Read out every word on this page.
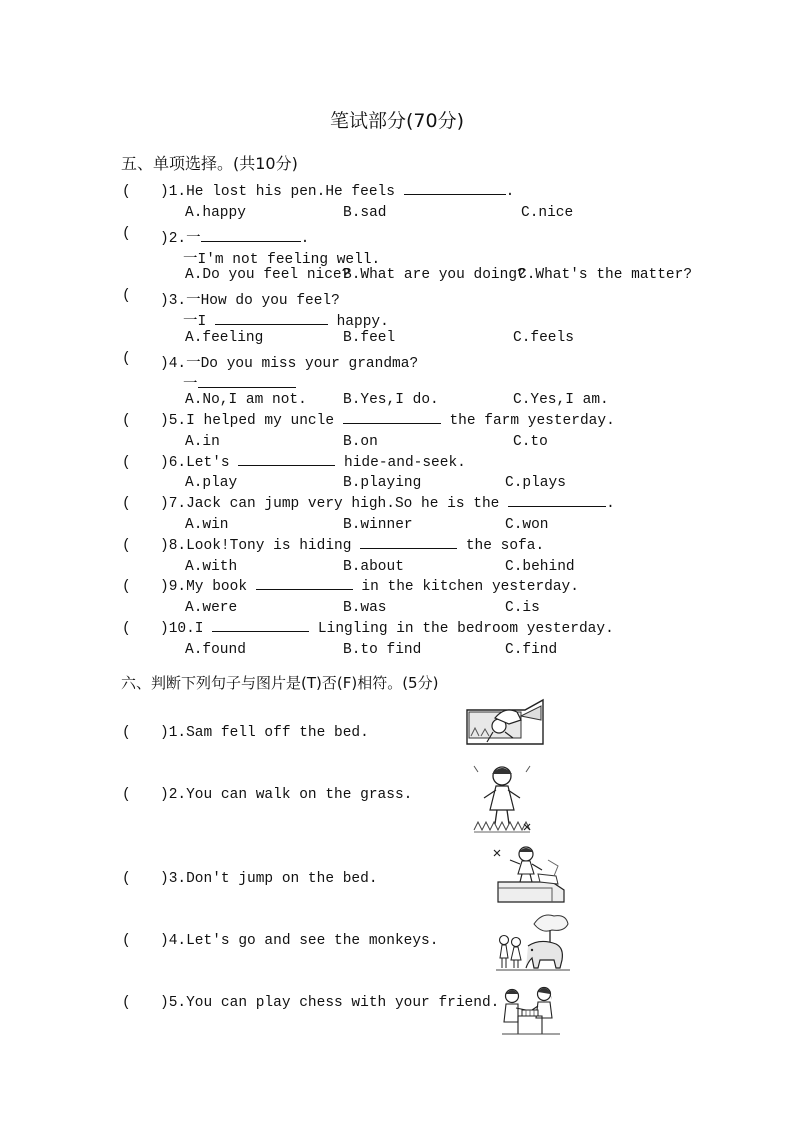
笔试部分(70分)
五、单项选择。(共10分)
( )1.He lost his pen.He feels	.
A.happy	B.sad	C.nice
( )2.一	.
一I'm not feeling well.
A.Do you feel nice?
B.What are you doing?
C.What's the matter?
( )3.一How do you feel?
一I	happy.
A.feeling	B.feel	C.feels
( )4.一Do you miss your grandma?
一
A.No,I am not. B.Yes,I do.	C.Yes,I am.
( )5.I helped my uncle	the farm yesterday.
A.in	B.on	C.to
( )6.Let's	hide-and-seek.
A.play	B.playing	C.plays
( )7.Jack can jump very high.So he is the	.
A.win	B.winner	C.won
( )8.Look!Tony is hiding	the sofa.
A.with	B.about	C.behind
( )9.My book	in the kitchen yesterday.
A.were	B.was	C.is
( )10.I	Lingling in the bedroom yesterday.
A.found	B.to find	C.find
六、判断下列句子与图片是(T)否(F)相符。(5分)
( )1.Sam fell off the bed.
( )2.You can walk on the grass.
( )3.Don't jump on the bed.
( )4.Let's go and see the monkeys.
( )5.You can play chess with your friend.
